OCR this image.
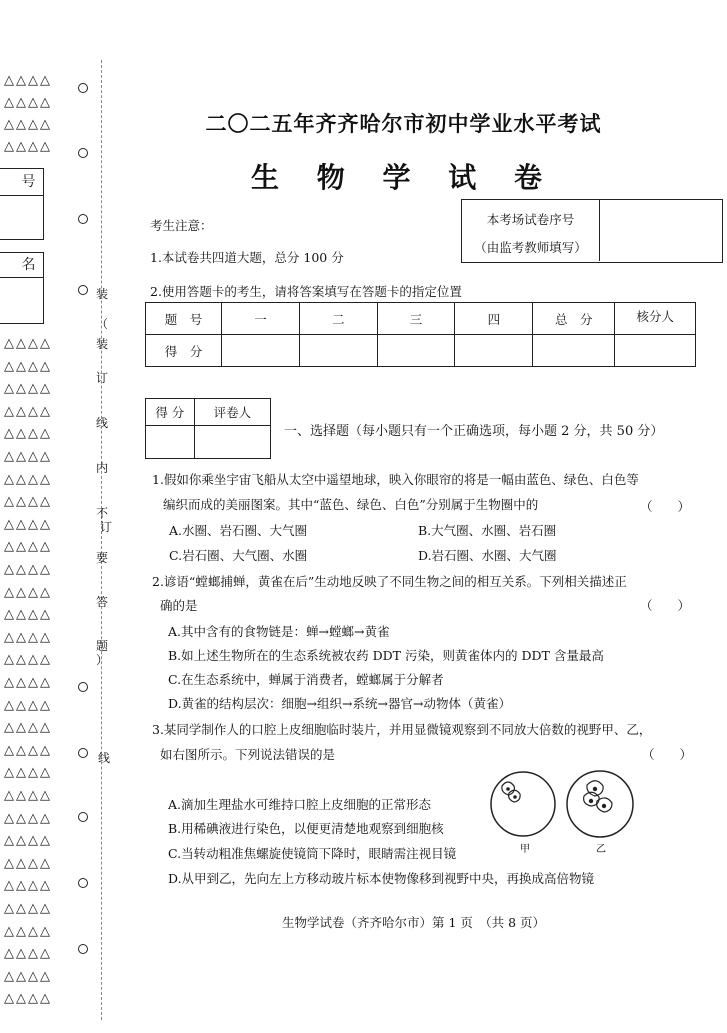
△△△△
△△△△
△△△△
△△△△
号
名
△△△△
△△△△
△△△△
△△△△
△△△△
△△△△
△△△△
△△△△
△△△△
△△△△
△△△△
△△△△
△△△△
△△△△
△△△△
△△△△
△△△△
△△△△
△△△△
△△△△
△△△△
△△△△
△△△△
△△△△
△△△△
△△△△
△△△△
△△△△
△△△△
△△△△
装
（
装
订
线
内
不
订
要
答
题
）
线
二〇二五年齐齐哈尔市初中学业水平考试
生 物 学 试 卷
本考场试卷序号
（由监考教师填写）
考生注意：
1.本试卷共四道大题，总分 100 分
2.使用答题卡的考生，请将答案填写在答题卡的指定位置
题　号	一	二	三	四	总　分	核分人
得　分						
得 分	评卷人

一、选择题（每小题只有一个正确选项，每小题 2 分，共 50 分）
1.假如你乘坐宇宙飞船从太空中遥望地球，映入你眼帘的将是一幅由蓝色、绿色、白色等
编织而成的美丽图案。其中“蓝色、绿色、白色”分别属于生物圈中的	（　　）
A.水圈、岩石圈、大气圈	B.大气圈、水圈、岩石圈
C.岩石圈、大气圈、水圈	D.岩石圈、水圈、大气圈
2.谚语“螳螂捕蝉，黄雀在后”生动地反映了不同生物之间的相互关系。下列相关描述正
确的是	（　　）
A.其中含有的食物链是：蝉→螳螂→黄雀
B.如上述生物所在的生态系统被农药 DDT 污染，则黄雀体内的 DDT 含量最高
C.在生态系统中，蝉属于消费者，螳螂属于分解者
D.黄雀的结构层次：细胞→组织→系统→器官→动物体（黄雀）
3.某同学制作人的口腔上皮细胞临时装片，并用显微镜观察到不同放大倍数的视野甲、乙，
如右图所示。下列说法错误的是	（　　）
A.滴加生理盐水可维持口腔上皮细胞的正常形态
B.用稀碘液进行染色，以便更清楚地观察到细胞核
C.当转动粗准焦螺旋使镜筒下降时，眼睛需注视目镜
D.从甲到乙，先向左上方移动玻片标本使物像移到视野中央，再换成高倍物镜
甲	乙
生物学试卷（齐齐哈尔市）第 1 页　（共 8 页）
